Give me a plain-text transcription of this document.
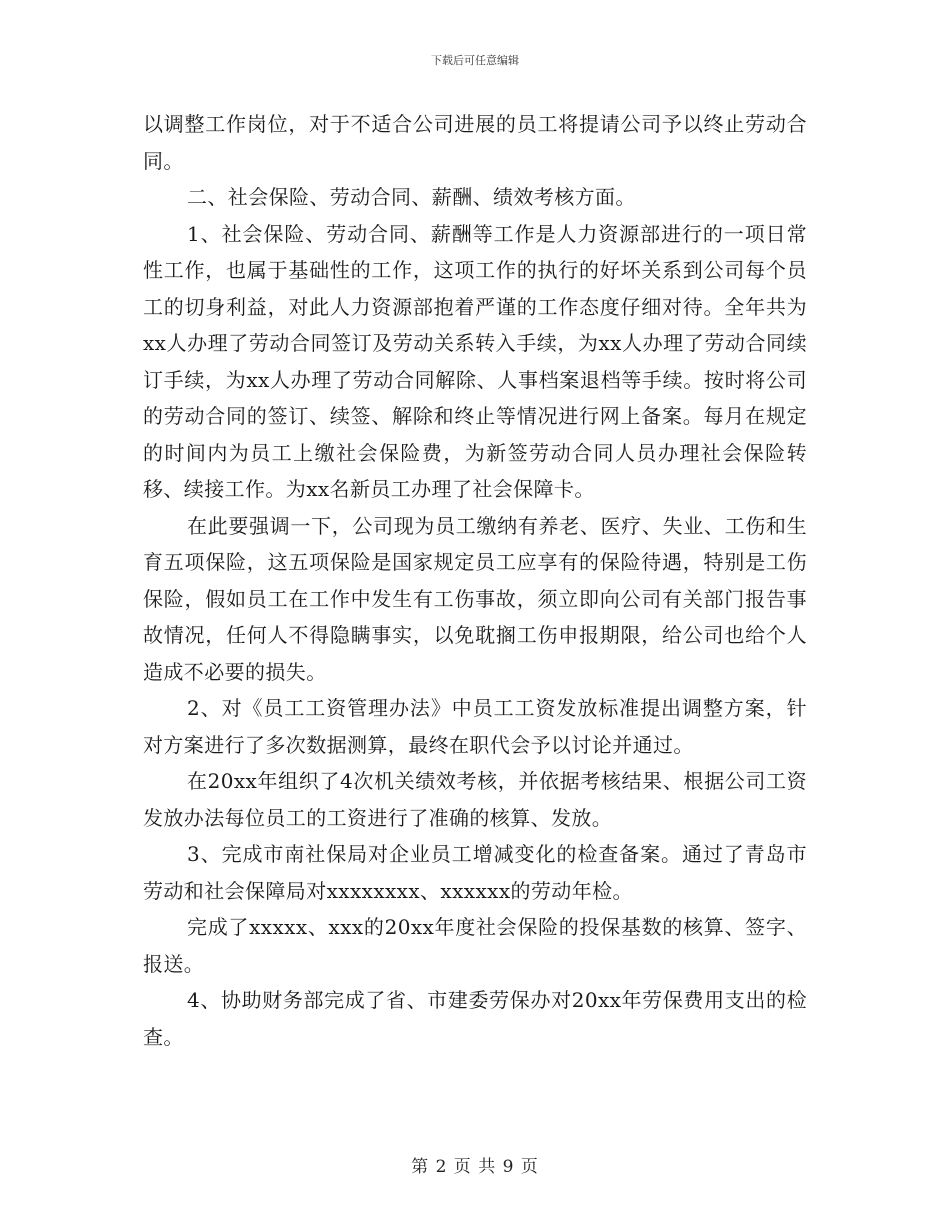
下载后可任意编辑

以调整工作岗位，对于不适合公司进展的员工将提请公司予以终止劳动合同。

二、社会保险、劳动合同、薪酬、绩效考核方面。

1、社会保险、劳动合同、薪酬等工作是人力资源部进行的一项日常性工作，也属于基础性的工作，这项工作的执行的好坏关系到公司每个员工的切身利益，对此人力资源部抱着严谨的工作态度仔细对待。全年共为xx人办理了劳动合同签订及劳动关系转入手续，为xx人办理了劳动合同续订手续，为xx人办理了劳动合同解除、人事档案退档等手续。按时将公司的劳动合同的签订、续签、解除和终止等情况进行网上备案。每月在规定的时间内为员工上缴社会保险费，为新签劳动合同人员办理社会保险转移、续接工作。为xx名新员工办理了社会保障卡。

在此要强调一下，公司现为员工缴纳有养老、医疗、失业、工伤和生育五项保险，这五项保险是国家规定员工应享有的保险待遇，特别是工伤保险，假如员工在工作中发生有工伤事故，须立即向公司有关部门报告事故情况，任何人不得隐瞒事实，以免耽搁工伤申报期限，给公司也给个人造成不必要的损失。

2、对《员工工资管理办法》中员工工资发放标准提出调整方案，针对方案进行了多次数据测算，最终在职代会予以讨论并通过。

在20xx年组织了4次机关绩效考核，并依据考核结果、根据公司工资发放办法每位员工的工资进行了准确的核算、发放。

3、完成市南社保局对企业员工增减变化的检查备案。通过了青岛市劳动和社会保障局对xxxxxxxx、xxxxxx的劳动年检。

完成了xxxxx、xxx的20xx年度社会保险的投保基数的核算、签字、报送。

4、协助财务部完成了省、市建委劳保办对20xx年劳保费用支出的检查。

第 2 页 共 9 页
